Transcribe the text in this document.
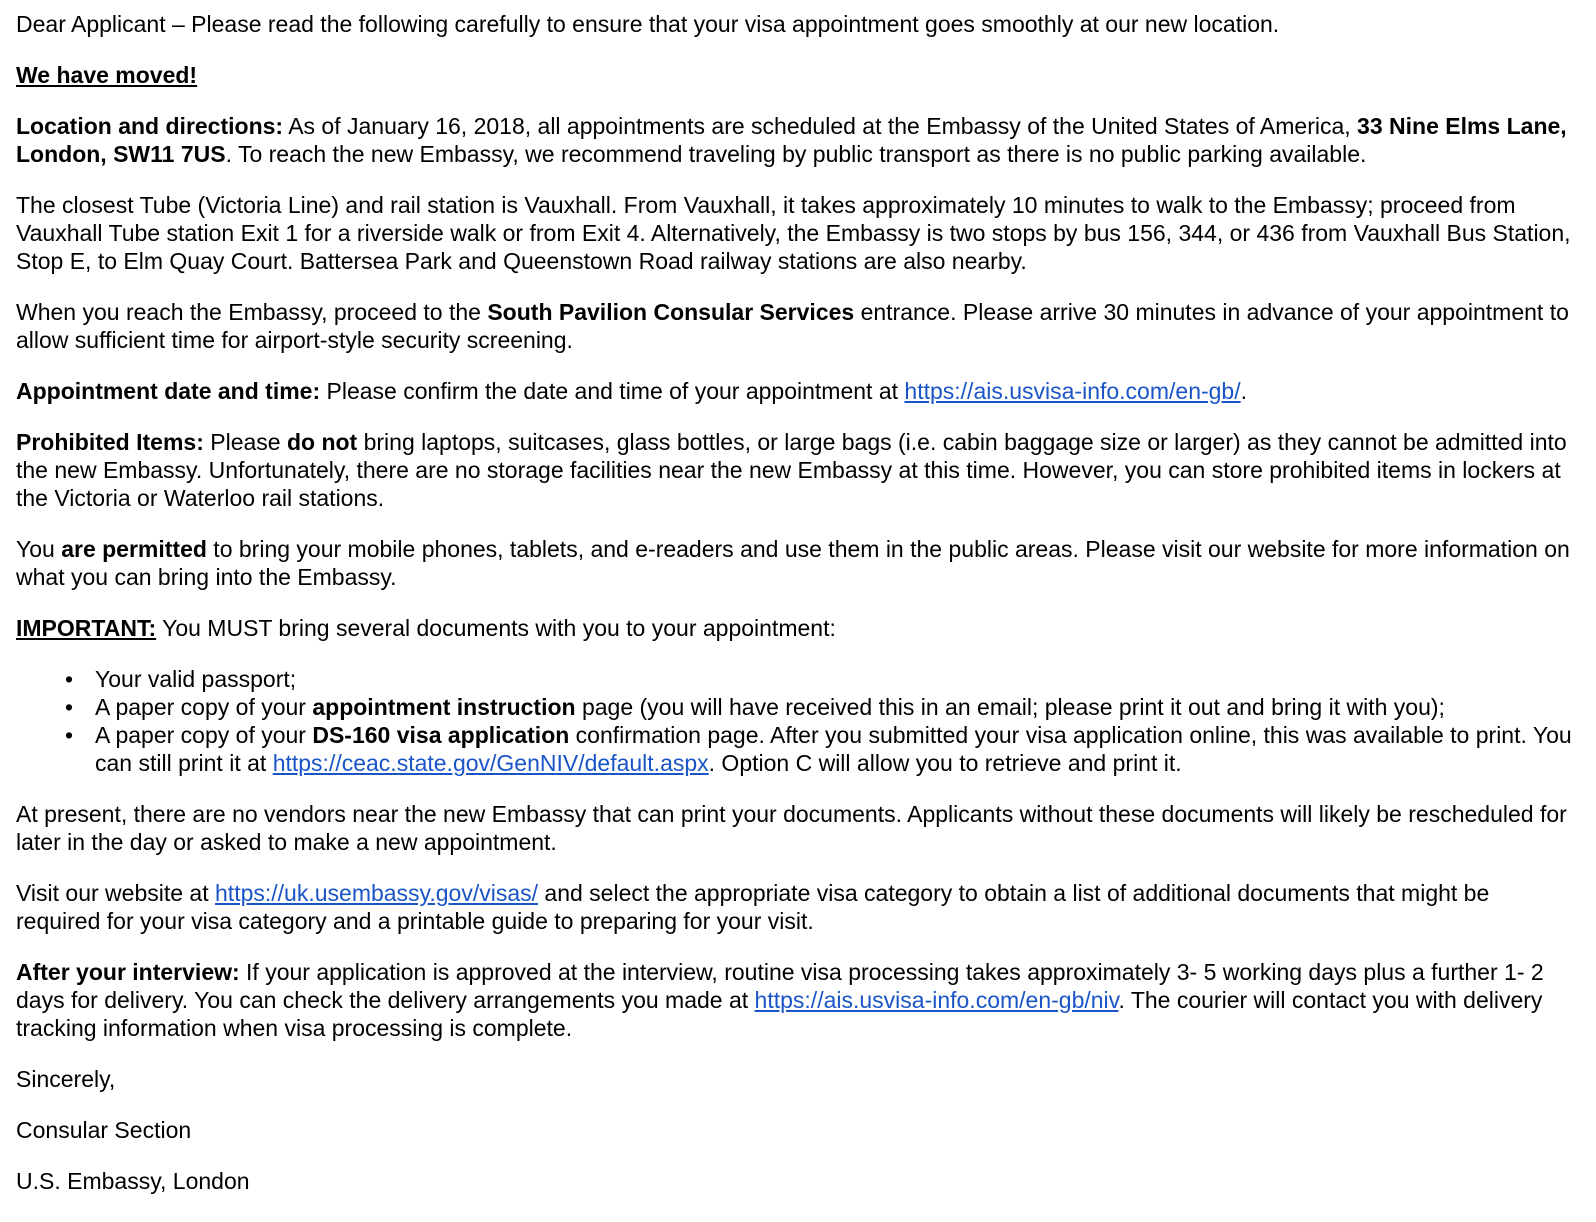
Dear Applicant – Please read the following carefully to ensure that your visa appointment goes smoothly at our new location.

We have moved!

Location and directions: As of January 16, 2018, all appointments are scheduled at the Embassy of the United States of America, 33 Nine Elms Lane, London, SW11 7US. To reach the new Embassy, we recommend traveling by public transport as there is no public parking available.

The closest Tube (Victoria Line) and rail station is Vauxhall. From Vauxhall, it takes approximately 10 minutes to walk to the Embassy; proceed from Vauxhall Tube station Exit 1 for a riverside walk or from Exit 4. Alternatively, the Embassy is two stops by bus 156, 344, or 436 from Vauxhall Bus Station, Stop E, to Elm Quay Court. Battersea Park and Queenstown Road railway stations are also nearby.

When you reach the Embassy, proceed to the South Pavilion Consular Services entrance. Please arrive 30 minutes in advance of your appointment to allow sufficient time for airport-style security screening.

Appointment date and time: Please confirm the date and time of your appointment at https://ais.usvisa-info.com/en-gb/.

Prohibited Items: Please do not bring laptops, suitcases, glass bottles, or large bags (i.e. cabin baggage size or larger) as they cannot be admitted into the new Embassy. Unfortunately, there are no storage facilities near the new Embassy at this time. However, you can store prohibited items in lockers at the Victoria or Waterloo rail stations.

You are permitted to bring your mobile phones, tablets, and e-readers and use them in the public areas. Please visit our website for more information on what you can bring into the Embassy.

IMPORTANT: You MUST bring several documents with you to your appointment:

• Your valid passport;
• A paper copy of your appointment instruction page (you will have received this in an email; please print it out and bring it with you);
• A paper copy of your DS-160 visa application confirmation page. After you submitted your visa application online, this was available to print. You can still print it at https://ceac.state.gov/GenNIV/default.aspx. Option C will allow you to retrieve and print it.

At present, there are no vendors near the new Embassy that can print your documents. Applicants without these documents will likely be rescheduled for later in the day or asked to make a new appointment.

Visit our website at https://uk.usembassy.gov/visas/ and select the appropriate visa category to obtain a list of additional documents that might be required for your visa category and a printable guide to preparing for your visit.

After your interview: If your application is approved at the interview, routine visa processing takes approximately 3- 5 working days plus a further 1- 2 days for delivery. You can check the delivery arrangements you made at https://ais.usvisa-info.com/en-gb/niv. The courier will contact you with delivery tracking information when visa processing is complete.

Sincerely,

Consular Section

U.S. Embassy, London
